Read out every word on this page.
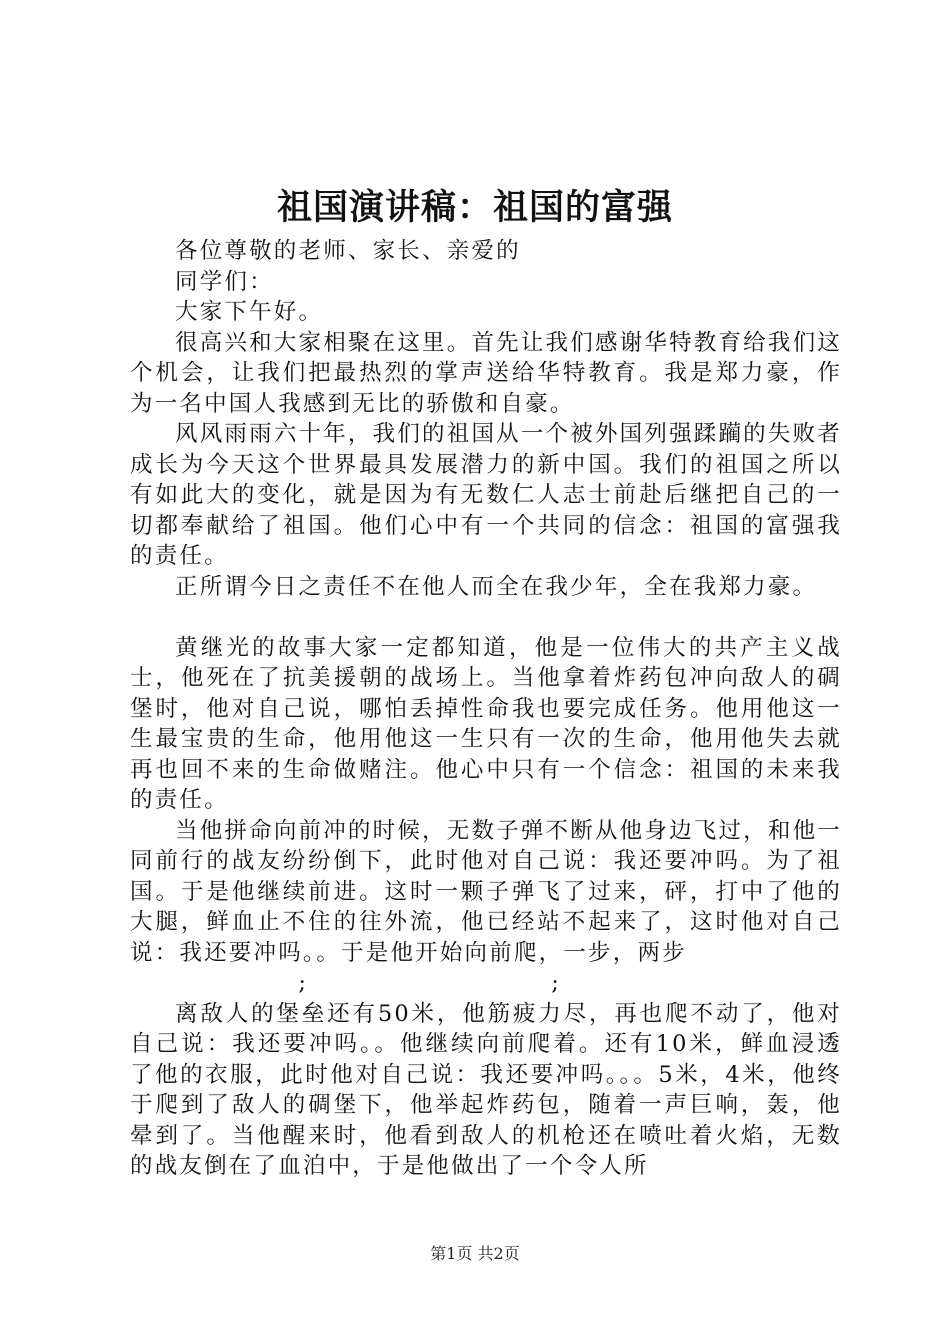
祖国演讲稿：祖国的富强

各位尊敬的老师、家长、亲爱的

同学们：

大家下午好。

很高兴和大家相聚在这里。首先让我们感谢华特教育给我们这个机会，让我们把最热烈的掌声送给华特教育。我是郑力豪，作为一名中国人我感到无比的骄傲和自豪。

风风雨雨六十年，我们的祖国从一个被外国列强蹂躏的失败者成长为今天这个世界最具发展潜力的新中国。我们的祖国之所以有如此大的变化，就是因为有无数仁人志士前赴后继把自己的一切都奉献给了祖国。他们心中有一个共同的信念：祖国的富强我的责任。

正所谓今日之责任不在他人而全在我少年，全在我郑力豪。

黄继光的故事大家一定都知道，他是一位伟大的共产主义战士，他死在了抗美援朝的战场上。当他拿着炸药包冲向敌人的碉堡时，他对自己说，哪怕丢掉性命我也要完成任务。他用他这一生最宝贵的生命，他用他这一生只有一次的生命，他用他失去就再也回不来的生命做赌注。他心中只有一个信念：祖国的未来我的责任。

当他拼命向前冲的时候，无数子弹不断从他身边飞过，和他一同前行的战友纷纷倒下，此时他对自己说：我还要冲吗。为了祖国。于是他继续前进。这时一颗子弹飞了过来，砰，打中了他的大腿，鲜血止不住的往外流，他已经站不起来了，这时他对自己说：我还要冲吗。。于是他开始向前爬，一步，两步

;                          ;

离敌人的堡垒还有50米，他筋疲力尽，再也爬不动了，他对自己说：我还要冲吗。。他继续向前爬着。还有10米，鲜血浸透了他的衣服，此时他对自己说：我还要冲吗。。。5米，4米，他终于爬到了敌人的碉堡下，他举起炸药包，随着一声巨响，轰，他晕到了。当他醒来时，他看到敌人的机枪还在喷吐着火焰，无数的战友倒在了血泊中，于是他做出了一个令人所

第1页 共2页
